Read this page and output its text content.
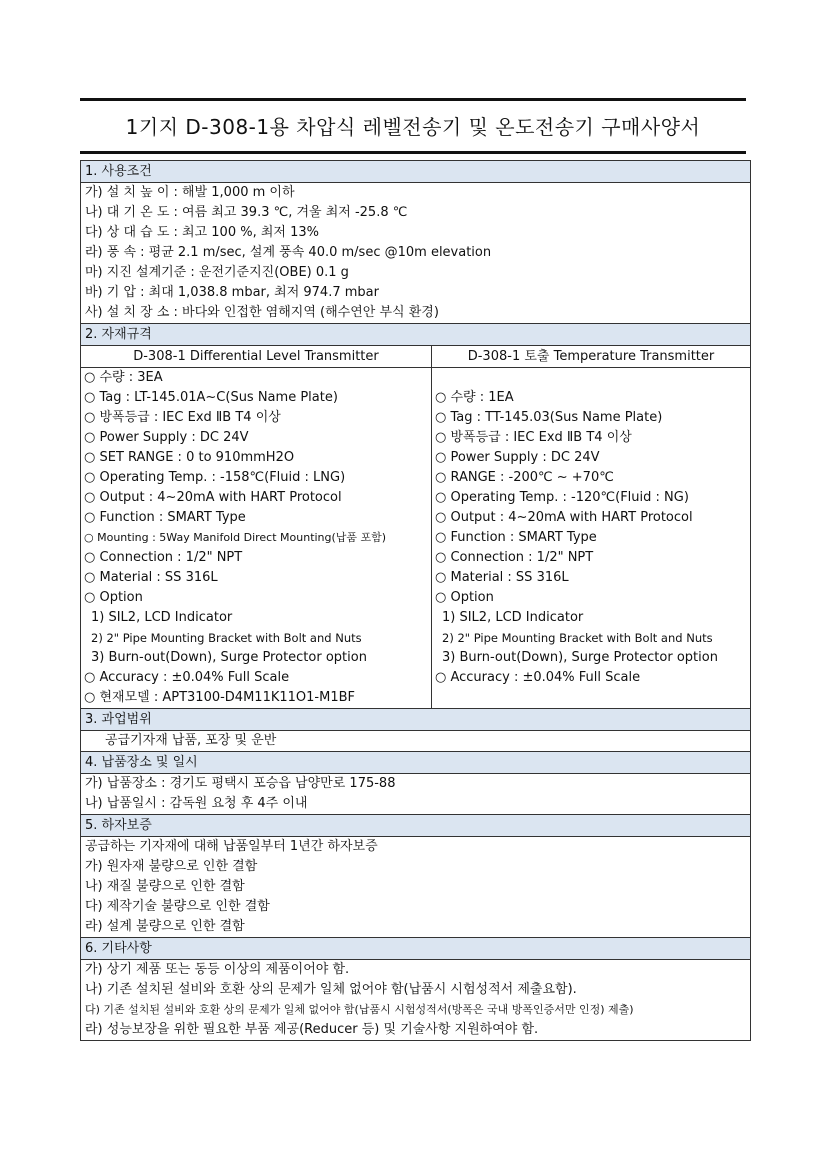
1기지 D-308-1용 차압식 레벨전송기 및 온도전송기 구매사양서
1. 사용조건
가) 설 치 높 이 : 해발 1,000 m 이하
나) 대 기 온 도 : 여름 최고 39.3 ℃, 겨울 최저 -25.8 ℃
다) 상 대 습 도 : 최고 100 %, 최저 13%
라) 풍 속 : 평균 2.1 m/sec, 설계 풍속 40.0 m/sec @10m elevation
마) 지진 설계기준 : 운전기준지진(OBE) 0.1 g
바) 기 압 : 최대 1,038.8 mbar, 최저 974.7 mbar
사) 설 치 장 소 : 바다와 인접한 염해지역 (해수연안 부식 환경)
2. 자재규격
D-308-1 Differential Level Transmitter
○ 수량 : 3EA
○ Tag : LT-145.01A~C(Sus Name Plate)
○ 방폭등급 : IEC Exd ⅡB T4 이상
○ Power Supply : DC 24V
○ SET RANGE : 0 to 910mmH2O
○ Operating Temp. : -158℃(Fluid : LNG)
○ Output : 4~20mA with HART Protocol
○ Function : SMART Type
○ Mounting : 5Way Manifold Direct Mounting(납품 포함)
○ Connection : 1/2" NPT
○ Material : SS 316L
○ Option
1) SIL2, LCD Indicator
2) 2" Pipe Mounting Bracket with Bolt and Nuts
3) Burn-out(Down), Surge Protector option
○ Accuracy : ±0.04% Full Scale
○ 현재모델 : APT3100-D4M11K11O1-M1BF
D-308-1 토출 Temperature Transmitter
○ 수량 : 1EA
○ Tag : TT-145.03(Sus Name Plate)
○ 방폭등급 : IEC Exd ⅡB T4 이상
○ Power Supply : DC 24V
○ RANGE : -200℃ ~ +70℃
○ Operating Temp. : -120℃(Fluid : NG)
○ Output : 4~20mA with HART Protocol
○ Function : SMART Type
○ Connection : 1/2" NPT
○ Material : SS 316L
○ Option
1) SIL2, LCD Indicator
2) 2" Pipe Mounting Bracket with Bolt and Nuts
3) Burn-out(Down), Surge Protector option
○ Accuracy : ±0.04% Full Scale
3. 과업범위
공급기자재 납품, 포장 및 운반
4. 납품장소 및 일시
가) 납품장소 : 경기도 평택시 포승읍 남양만로 175-88
나) 납품일시 : 감독원 요청 후 4주 이내
5. 하자보증
공급하는 기자재에 대해 납품일부터 1년간 하자보증
가) 원자재 불량으로 인한 결함
나) 재질 불량으로 인한 결함
다) 제작기술 불량으로 인한 결함
라) 설계 불량으로 인한 결함
6. 기타사항
가) 상기 제품 또는 동등 이상의 제품이어야 함.
나) 기존 설치된 설비와 호환 상의 문제가 일체 없어야 함(납품시 시험성적서 제출요함).
다) 기존 설치된 설비와 호환 상의 문제가 일체 없어야 함(납품시 시험성적서(방폭은 국내 방폭인증서만 인정) 제출)
라) 성능보장을 위한 필요한 부품 제공(Reducer 등) 및 기술사항 지원하여야 함.
